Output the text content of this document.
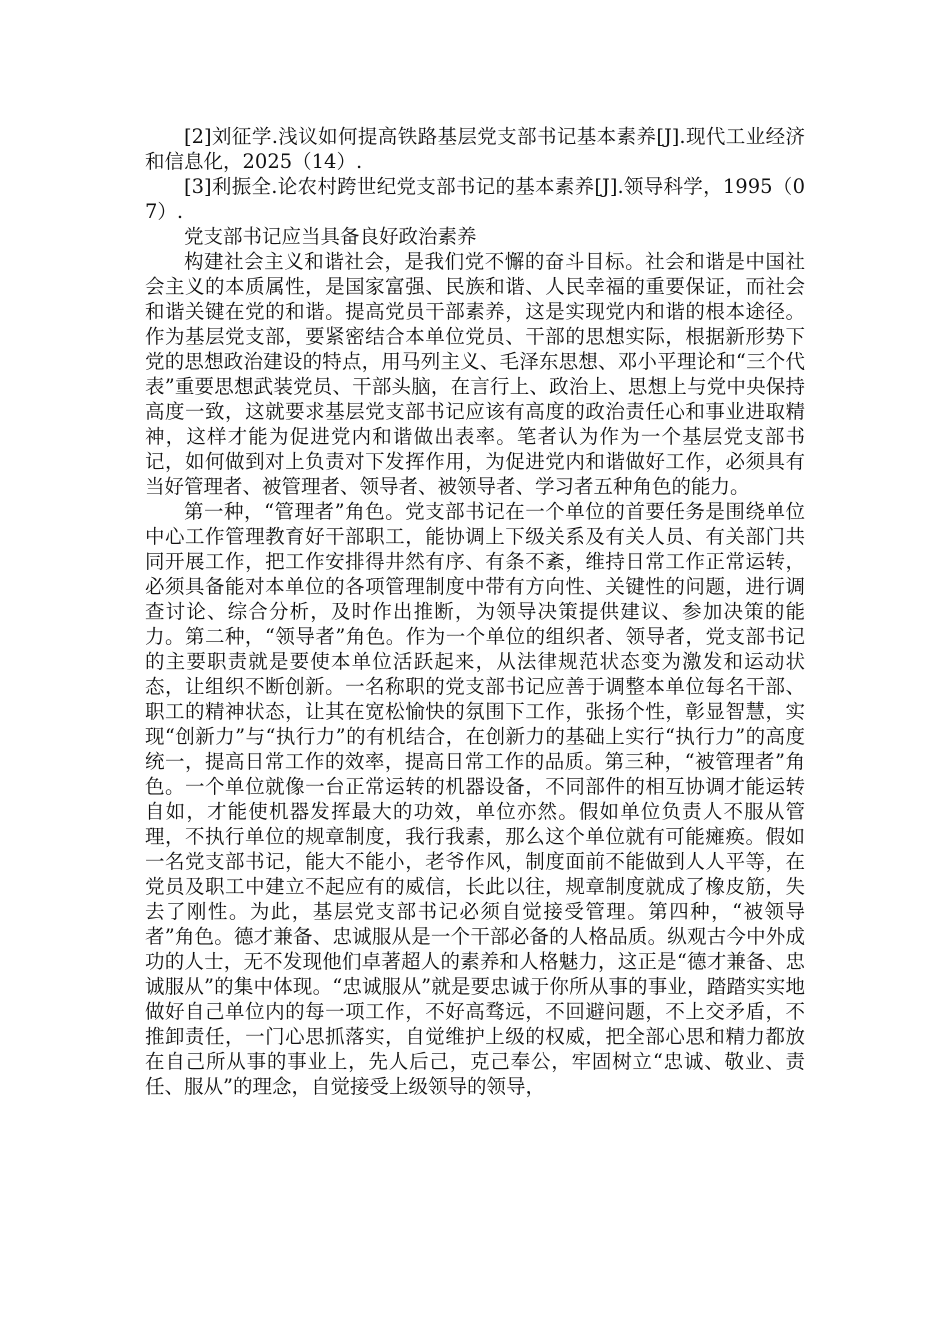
[2]刘征学.浅议如何提高铁路基层党支部书记基本素养[J].现代工业经济和信息化，2025（14）.

[3]利振全.论农村跨世纪党支部书记的基本素养[J].领导科学，1995（07）.

党支部书记应当具备良好政治素养

构建社会主义和谐社会，是我们党不懈的奋斗目标。社会和谐是中国社会主义的本质属性，是国家富强、民族和谐、人民幸福的重要保证，而社会和谐关键在党的和谐。提高党员干部素养，这是实现党内和谐的根本途径。作为基层党支部，要紧密结合本单位党员、干部的思想实际，根据新形势下党的思想政治建设的特点，用马列主义、毛泽东思想、邓小平理论和“三个代表”重要思想武装党员、干部头脑，在言行上、政治上、思想上与党中央保持高度一致，这就要求基层党支部书记应该有高度的政治责任心和事业进取精神，这样才能为促进党内和谐做出表率。笔者认为作为一个基层党支部书记，如何做到对上负责对下发挥作用，为促进党内和谐做好工作，必须具有当好管理者、被管理者、领导者、被领导者、学习者五种角色的能力。

第一种，“管理者”角色。党支部书记在一个单位的首要任务是围绕单位中心工作管理教育好干部职工，能协调上下级关系及有关人员、有关部门共同开展工作，把工作安排得井然有序、有条不紊，维持日常工作正常运转，必须具备能对本单位的各项管理制度中带有方向性、关键性的问题，进行调查讨论、综合分析，及时作出推断，为领导决策提供建议、参加决策的能力。第二种，“领导者”角色。作为一个单位的组织者、领导者，党支部书记的主要职责就是要使本单位活跃起来，从法律规范状态变为激发和运动状态，让组织不断创新。一名称职的党支部书记应善于调整本单位每名干部、职工的精神状态，让其在宽松愉快的氛围下工作，张扬个性，彰显智慧，实现“创新力”与“执行力”的有机结合，在创新力的基础上实行“执行力”的高度统一，提高日常工作的效率，提高日常工作的品质。第三种，“被管理者”角色。一个单位就像一台正常运转的机器设备，不同部件的相互协调才能运转自如，才能使机器发挥最大的功效，单位亦然。假如单位负责人不服从管理，不执行单位的规章制度，我行我素，那么这个单位就有可能瘫痪。假如一名党支部书记，能大不能小，老爷作风，制度面前不能做到人人平等，在党员及职工中建立不起应有的威信，长此以往，规章制度就成了橡皮筋，失去了刚性。为此，基层党支部书记必须自觉接受管理。第四种，“被领导者”角色。德才兼备、忠诚服从是一个干部必备的人格品质。纵观古今中外成功的人士，无不发现他们卓著超人的素养和人格魅力，这正是“德才兼备、忠诚服从”的集中体现。“忠诚服从”就是要忠诚于你所从事的事业，踏踏实实地做好自己单位内的每一项工作，不好高骛远，不回避问题，不上交矛盾，不推卸责任，一门心思抓落实，自觉维护上级的权威，把全部心思和精力都放在自己所从事的事业上，先人后己，克己奉公，牢固树立“忠诚、敬业、责任、服从”的理念，自觉接受上级领导的领导，
